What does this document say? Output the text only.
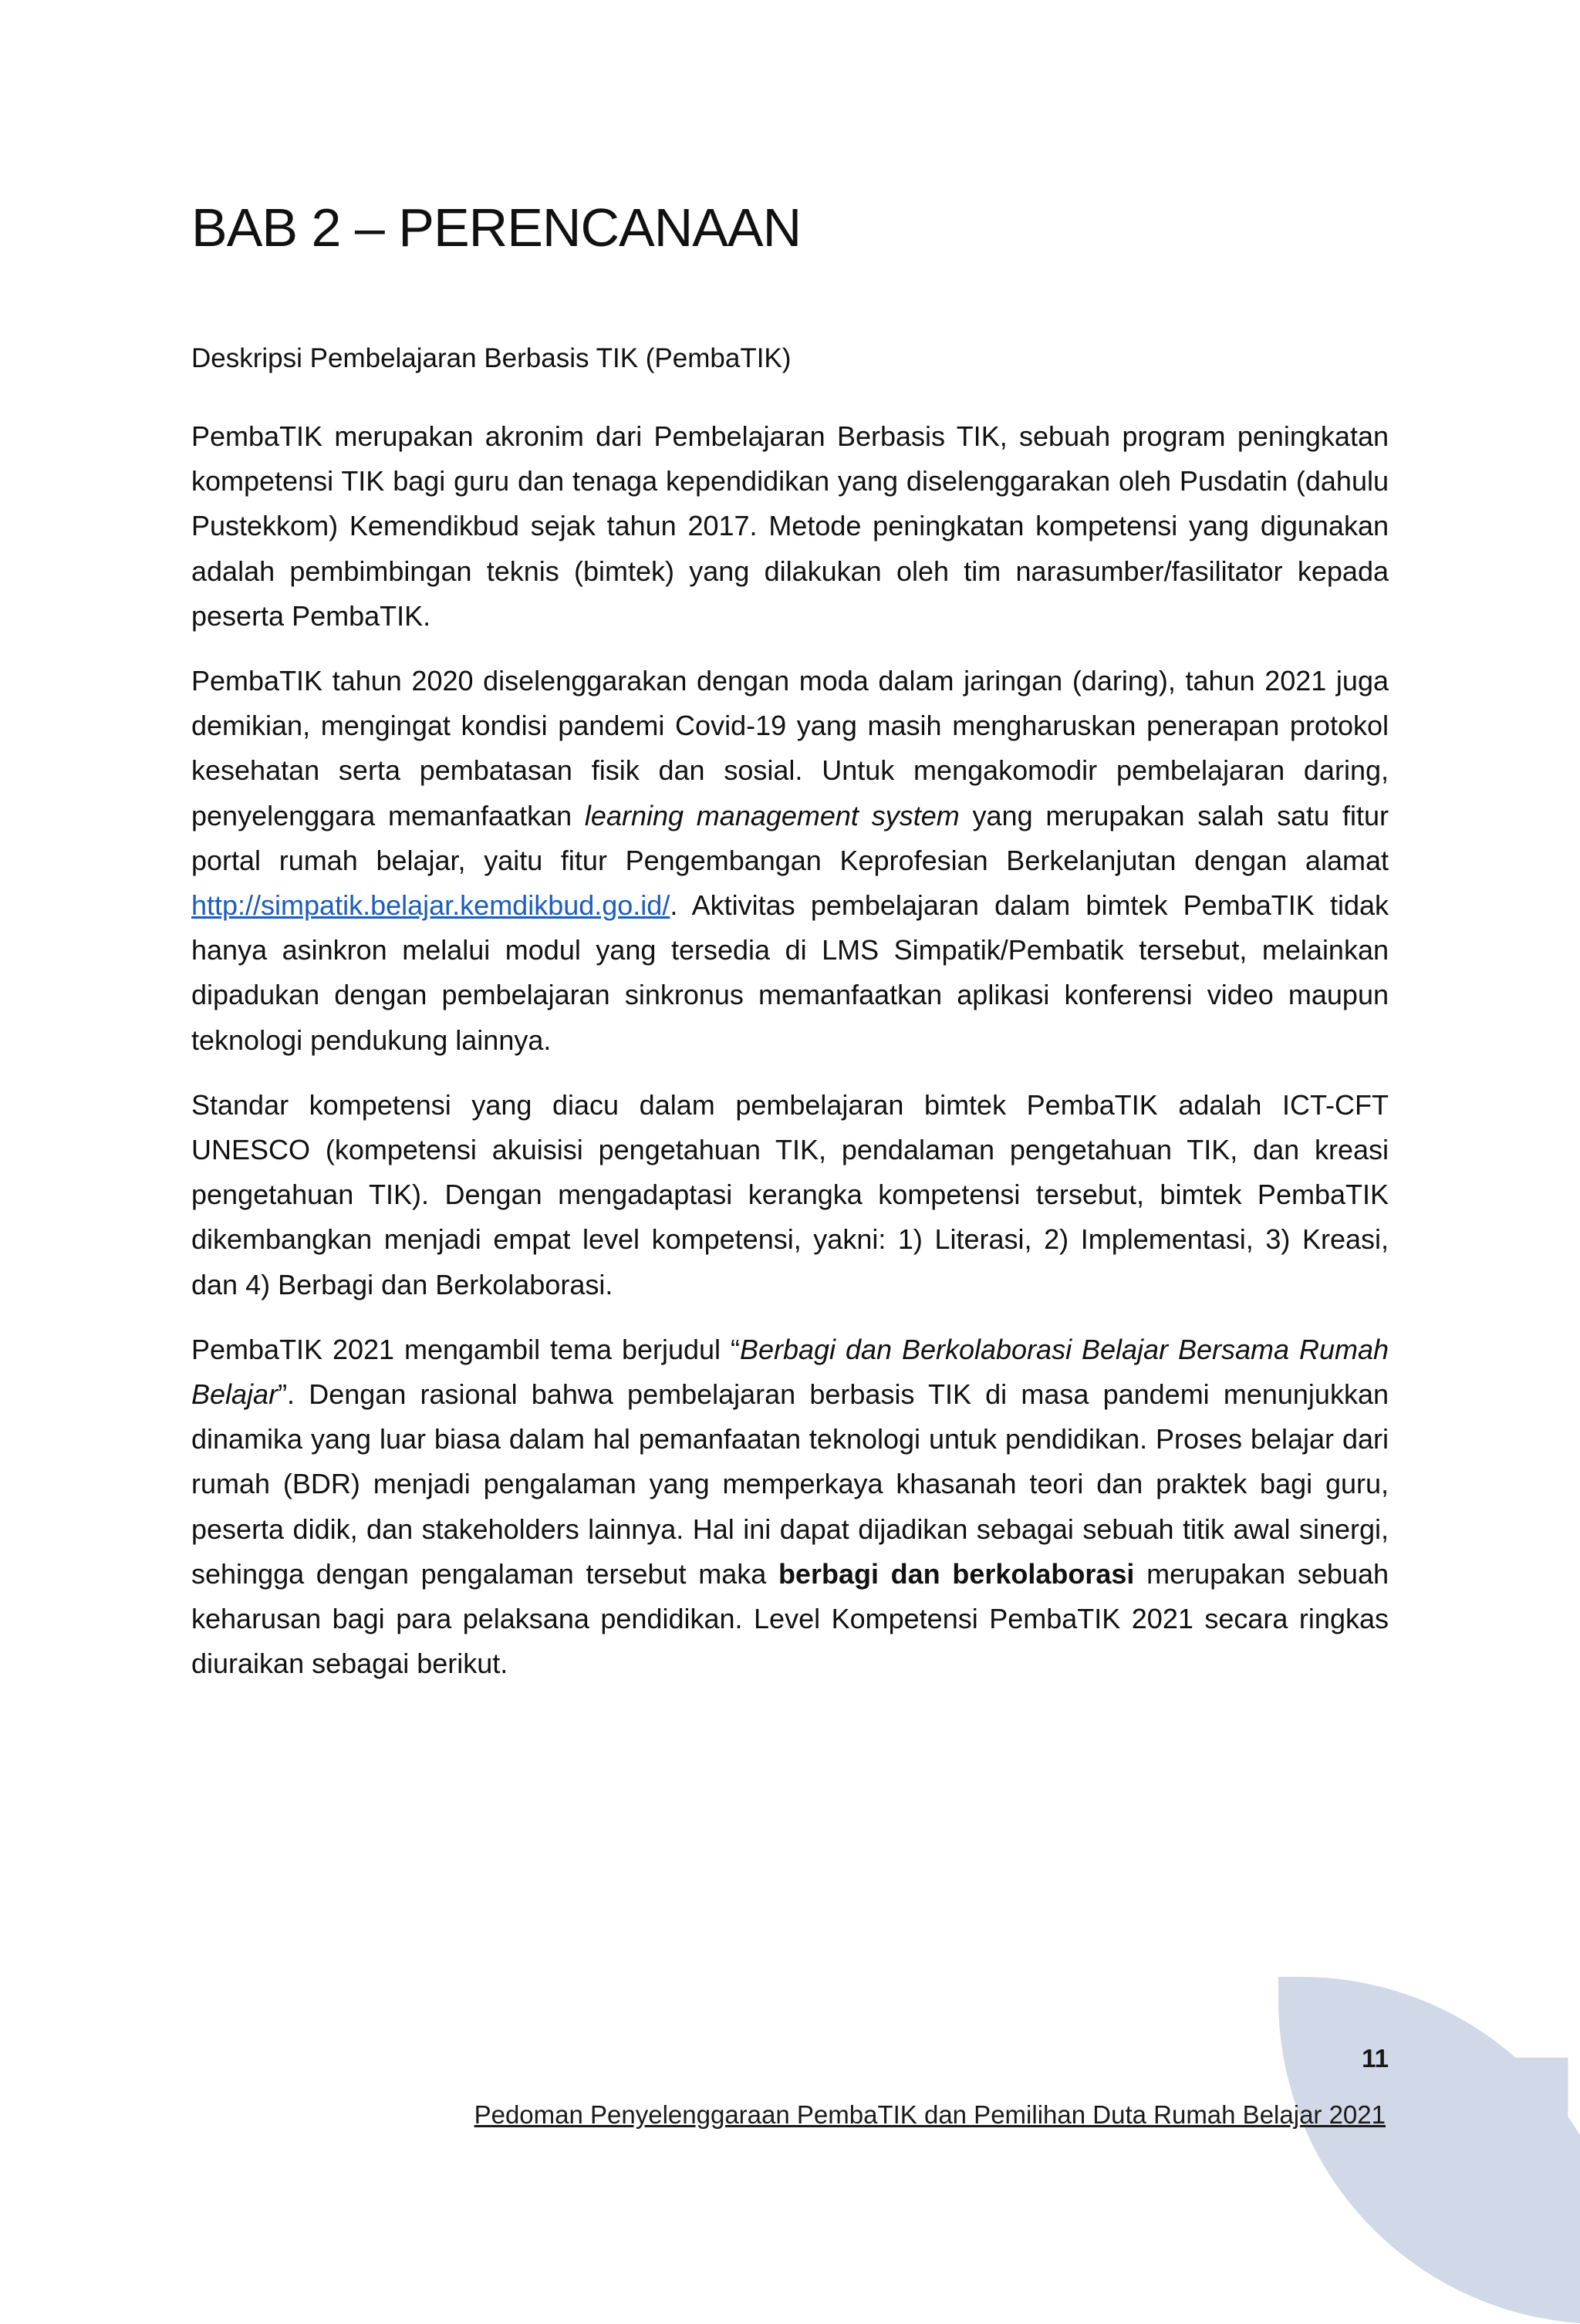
BAB 2 – PERENCANAAN
Deskripsi Pembelajaran Berbasis TIK (PembaTIK)

PembaTIK merupakan akronim dari Pembelajaran Berbasis TIK, sebuah program peningkatan kompetensi TIK bagi guru dan tenaga kependidikan yang diselenggarakan oleh Pusdatin (dahulu Pustekkom) Kemendikbud sejak tahun 2017. Metode peningkatan kompetensi yang digunakan adalah pembimbingan teknis (bimtek) yang dilakukan oleh tim narasumber/fasilitator kepada peserta PembaTIK.

PembaTIK tahun 2020 diselenggarakan dengan moda dalam jaringan (daring), tahun 2021 juga demikian, mengingat kondisi pandemi Covid-19 yang masih mengharuskan penerapan protokol kesehatan serta pembatasan fisik dan sosial. Untuk mengakomodir pembelajaran daring, penyelenggara memanfaatkan learning management system yang merupakan salah satu fitur portal rumah belajar, yaitu fitur Pengembangan Keprofesian Berkelanjutan dengan alamat http://simpatik.belajar.kemdikbud.go.id/. Aktivitas pembelajaran dalam bimtek PembaTIK tidak hanya asinkron melalui modul yang tersedia di LMS Simpatik/Pembatik tersebut, melainkan dipadukan dengan pembelajaran sinkronus memanfaatkan aplikasi konferensi video maupun teknologi pendukung lainnya.

Standar kompetensi yang diacu dalam pembelajaran bimtek PembaTIK adalah ICT-CFT UNESCO (kompetensi akuisisi pengetahuan TIK, pendalaman pengetahuan TIK, dan kreasi pengetahuan TIK). Dengan mengadaptasi kerangka kompetensi tersebut, bimtek PembaTIK dikembangkan menjadi empat level kompetensi, yakni: 1) Literasi, 2) Implementasi, 3) Kreasi, dan 4) Berbagi dan Berkolaborasi.

PembaTIK 2021 mengambil tema berjudul “Berbagi dan Berkolaborasi Belajar Bersama Rumah Belajar”. Dengan rasional bahwa pembelajaran berbasis TIK di masa pandemi menunjukkan dinamika yang luar biasa dalam hal pemanfaatan teknologi untuk pendidikan. Proses belajar dari rumah (BDR) menjadi pengalaman yang memperkaya khasanah teori dan praktek bagi guru, peserta didik, dan stakeholders lainnya. Hal ini dapat dijadikan sebagai sebuah titik awal sinergi, sehingga dengan pengalaman tersebut maka berbagi dan berkolaborasi merupakan sebuah keharusan bagi para pelaksana pendidikan. Level Kompetensi PembaTIK 2021 secara ringkas diuraikan sebagai berikut.

11
Pedoman Penyelenggaraan PembaTIK dan Pemilihan Duta Rumah Belajar 2021
